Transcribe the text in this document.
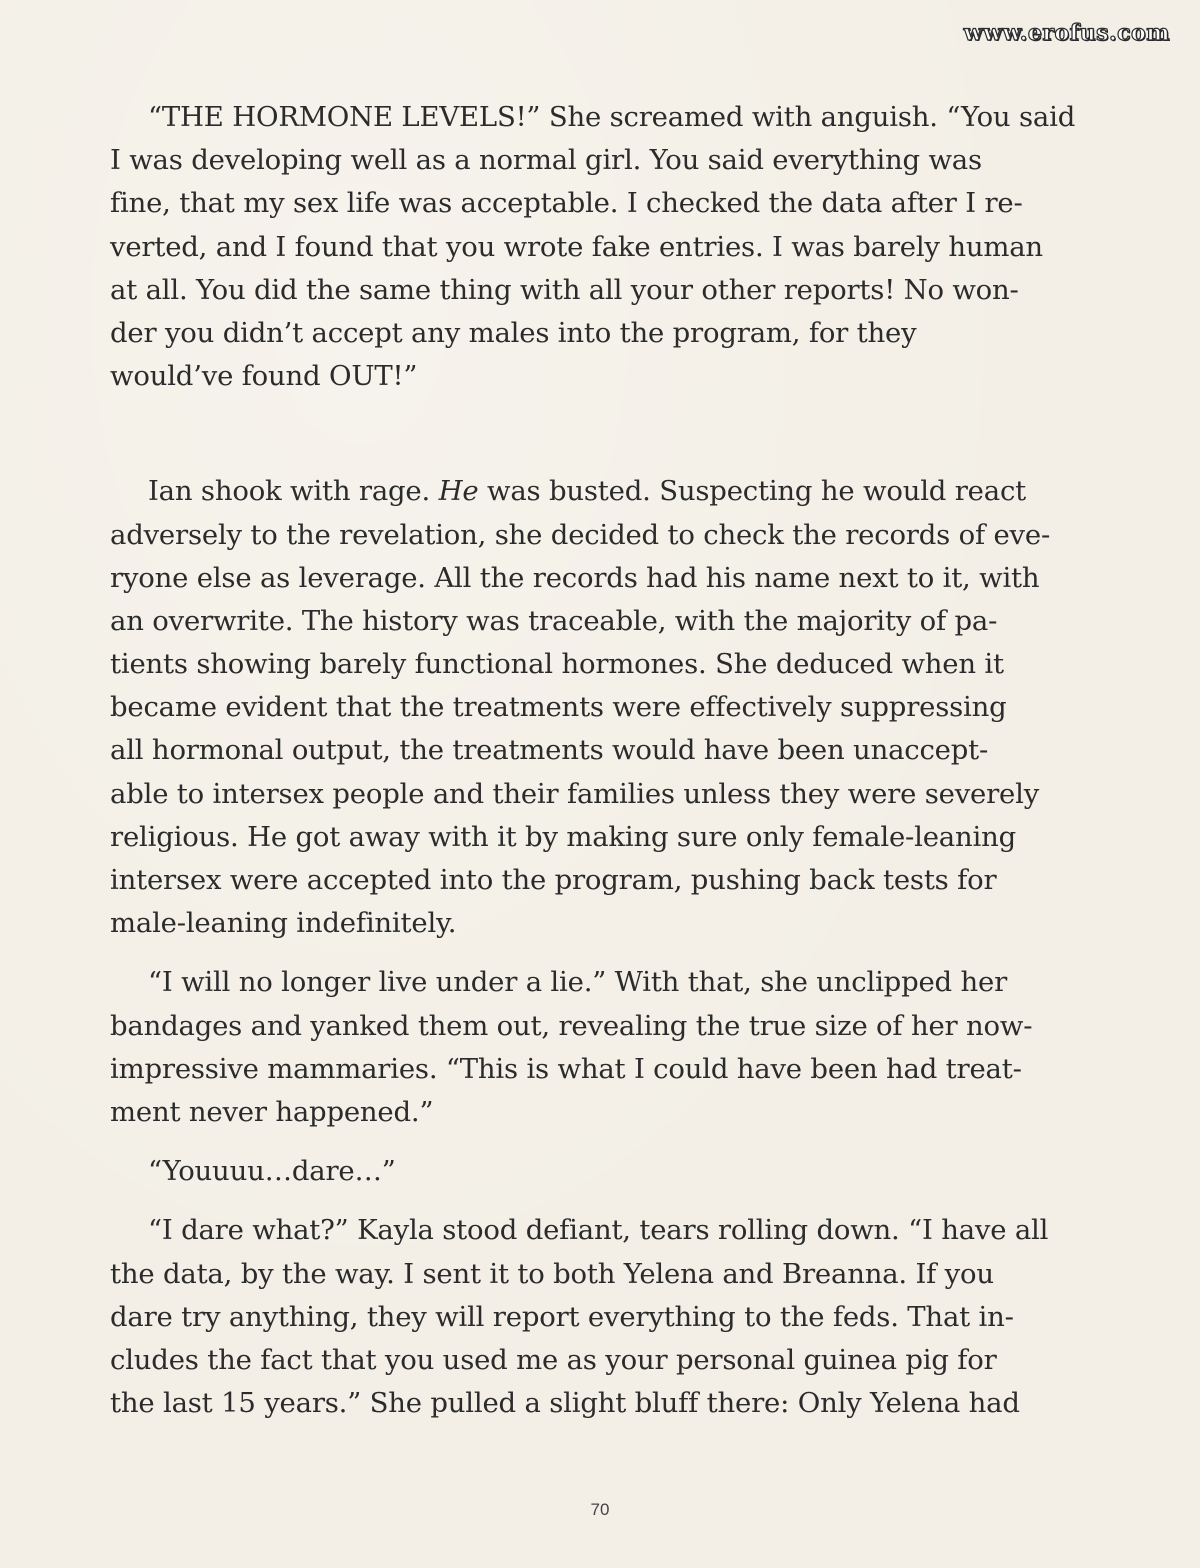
www.erofus.com
“THE HORMONE LEVELS!” She screamed with anguish. “You said
I was developing well as a normal girl. You said everything was
fine, that my sex life was acceptable. I checked the data after I re-
verted, and I found that you wrote fake entries. I was barely human
at all. You did the same thing with all your other reports! No won-
der you didn’t accept any males into the program, for they
would’ve found OUT!”
Ian shook with rage. He was busted. Suspecting he would react
adversely to the revelation, she decided to check the records of eve-
ryone else as leverage. All the records had his name next to it, with
an overwrite. The history was traceable, with the majority of pa-
tients showing barely functional hormones. She deduced when it
became evident that the treatments were effectively suppressing
all hormonal output, the treatments would have been unaccept-
able to intersex people and their families unless they were severely
religious. He got away with it by making sure only female-leaning
intersex were accepted into the program, pushing back tests for
male-leaning indefinitely.
“I will no longer live under a lie.” With that, she unclipped her
bandages and yanked them out, revealing the true size of her now-
impressive mammaries. “This is what I could have been had treat-
ment never happened.”
“Youuuu…dare…”
“I dare what?” Kayla stood defiant, tears rolling down. “I have all
the data, by the way. I sent it to both Yelena and Breanna. If you
dare try anything, they will report everything to the feds. That in-
cludes the fact that you used me as your personal guinea pig for
the last 15 years.” She pulled a slight bluff there: Only Yelena had
70
